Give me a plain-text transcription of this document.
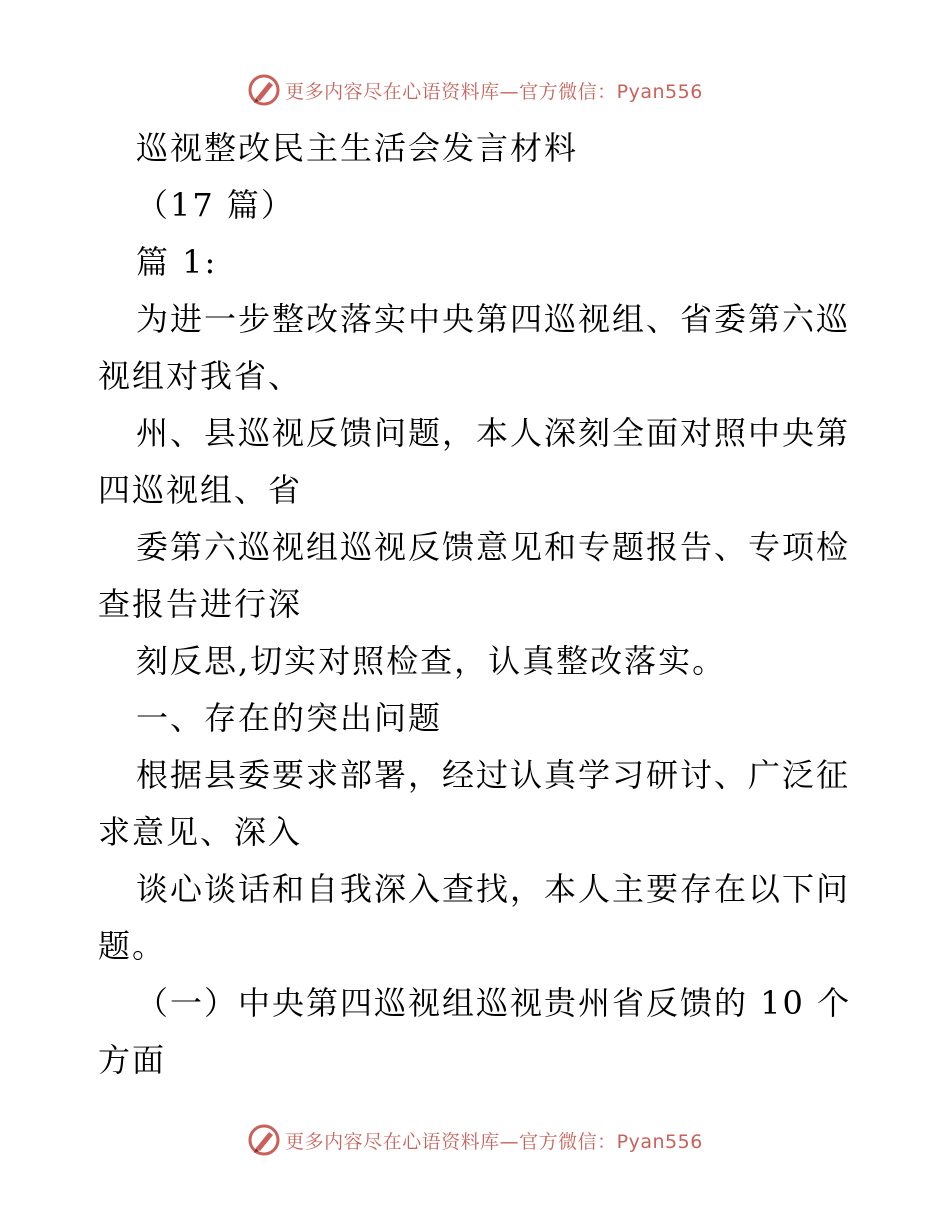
更多内容尽在心语资料库—官方微信：Pyan556
巡视整改民主生活会发言材料
（17 篇）
篇 1:
为进一步整改落实中央第四巡视组、省委第六巡
视组对我省、
州、县巡视反馈问题，本人深刻全面对照中央第
四巡视组、省
委第六巡视组巡视反馈意见和专题报告、专项检
查报告进行深
刻反思,切实对照检查，认真整改落实。
一、存在的突出问题
根据县委要求部署，经过认真学习研讨、广泛征
求意见、深入
谈心谈话和自我深入查找，本人主要存在以下问
题。
（一）中央第四巡视组巡视贵州省反馈的 10 个
方面
更多内容尽在心语资料库—官方微信：Pyan556
